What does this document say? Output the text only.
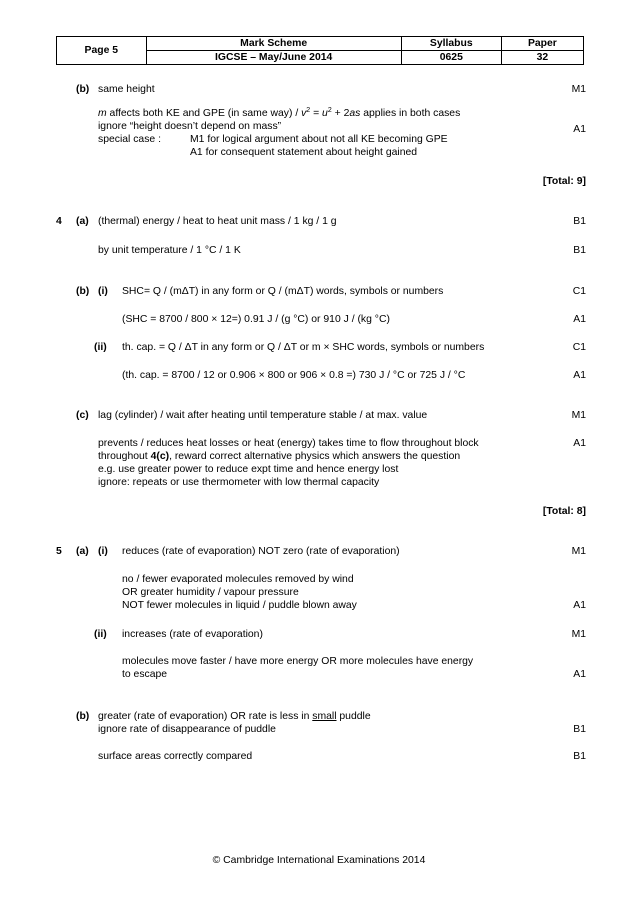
Page 5	Mark Scheme	Syllabus	Paper
	IGCSE – May/June 2014	0625	32
(b) same height	M1
m affects both KE and GPE (in same $way) / v^2 = u^2 + 2as$ applies in both cases
ignore “height doesn’t depend on mass”	A1
special case :	M1 for logical argument about not all KE becoming GPE
A1 for consequent statement about height gained
[Total: 9]
4 (a) (thermal) energy / heat to heat unit mass / 1 kg / 1 g	B1
by unit temperature / 1 °C / 1 K	B1
(b) (i) SHC= Q / (mΔT) in any form or Q / (mΔT) words, symbols or numbers	C1
(SHC = 8700 / 800 × 12=) 0.91 J / (g °C) or 910 J / (kg °C)	A1
(ii) th. cap. = Q / ΔT in any form or Q / ΔT or m × SHC words, symbols or numbers	C1
(th. cap. = 8700 / 12 or 0.906 × 800 or 906 × 0.8 =) 730 J / °C or 725 J / °C	A1
(c) lag (cylinder) / wait after heating until temperature stable / at max. value	M1
prevents / reduces heat losses or heat (energy) takes time to flow throughout block	A1
throughout 4(c), reward correct alternative physics which answers the question
e.g. use greater power to reduce expt time and hence energy lost
ignore: repeats or use thermometer with low thermal capacity
[Total: 8]
5 (a) (i) reduces (rate of evaporation) NOT zero (rate of evaporation)	M1
no / fewer evaporated molecules removed by wind
OR greater humidity / vapour pressure
NOT fewer molecules in liquid / puddle blown away	A1
(ii) increases (rate of evaporation)	M1
molecules move faster / have more energy OR more molecules have energy
to escape	A1
(b) greater (rate of evaporation) OR rate is less in small puddle
ignore rate of disappearance of puddle	B1
surface areas correctly compared	B1
© Cambridge International Examinations 2014
